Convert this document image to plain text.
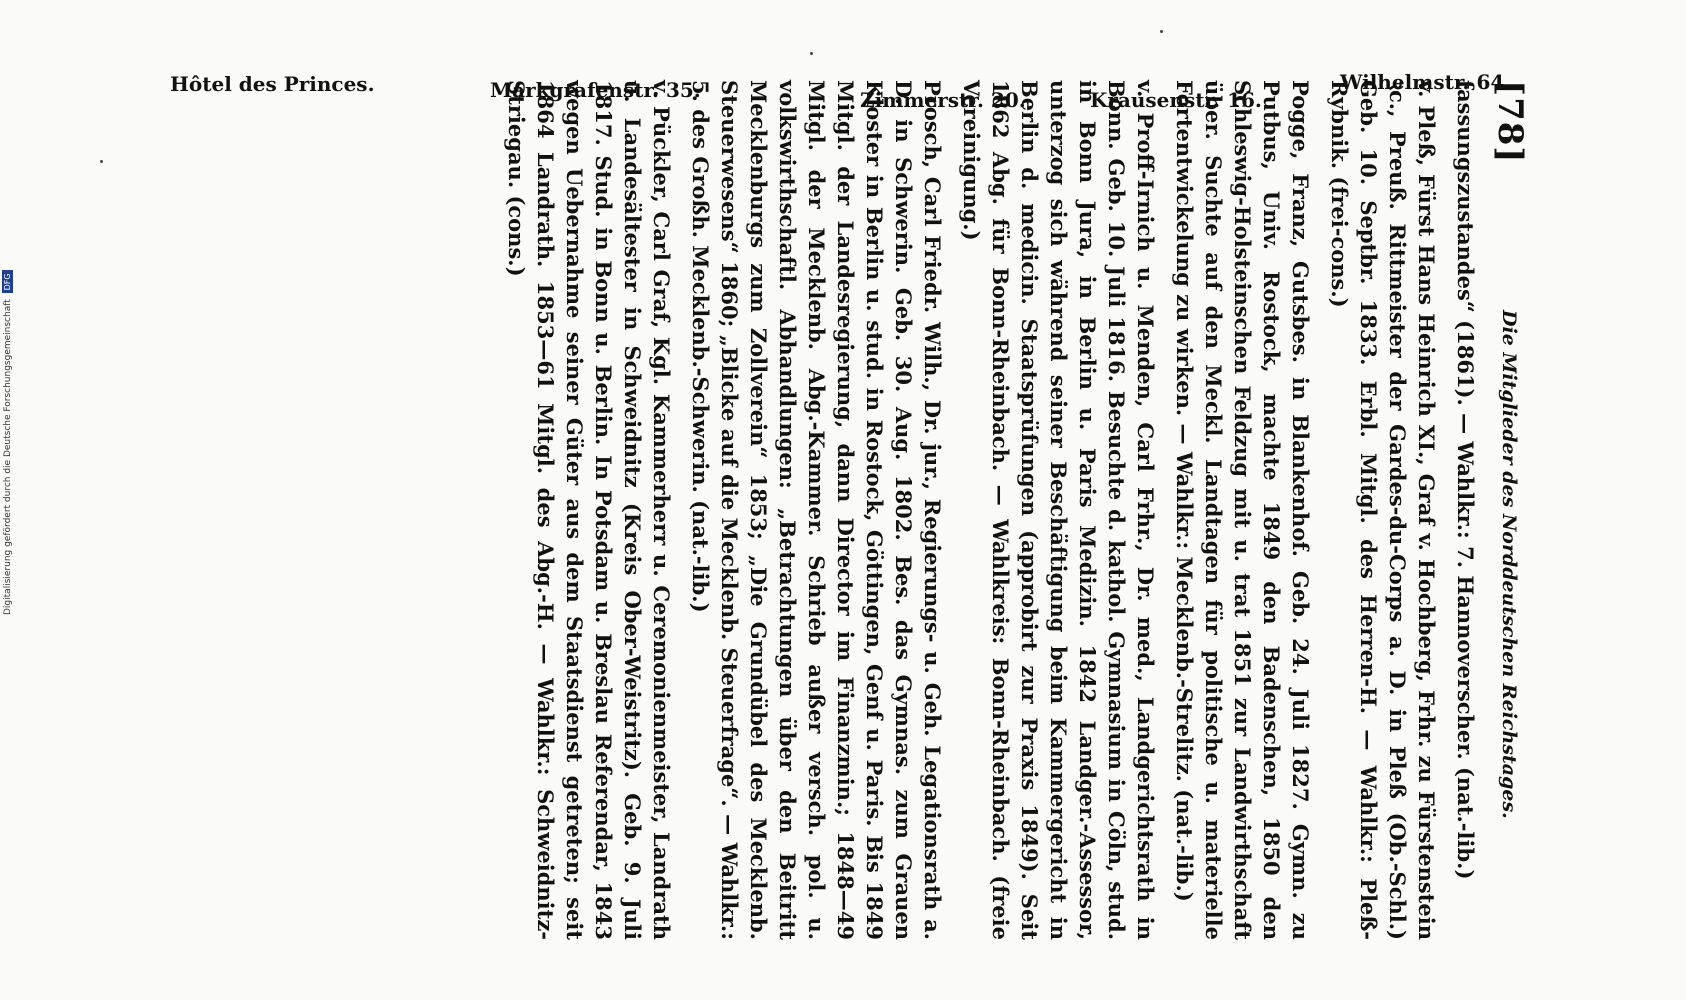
[78]
Die Mitglieder des Norddeutschen Reichstages.

fassungszustandes“ (1861). — Wahlkr.: 7. Hannoverscher. (nat.-lib.)

v. Pleß, Fürst Hans Heinrich XI., Graf v. Hochberg, Frhr. zu Fürstenstein ꝛc., Preuß. Rittmeister der Gardes-du-Corps a. D. in Pleß (Ob.-Schl.) Geb. 10. Septbr. 1833. Erbl. Mitgl. des Herren-H. — Wahlkr.: Pleß-Rybnik. (frei-cons.)

Pogge, Franz, Gutsbes. in Blankenhof. Geb. 24. Juli 1827. Gymn. zu Putbus, Univ. Rostock, machte 1849 den Badenschen, 1850 den Schleswig-Holsteinschen Feldzug mit u. trat 1851 zur Landwirthschaft über. Suchte auf den Meckl. Landtagen für politische u. materielle Fortentwickelung zu wirken. — Wahlkr.: Mecklenb.-Strelitz. (nat.-lib.)

v. Proff-Irnich u. Menden, Carl Frhr., Dr. med., Landgerichtsrath in Bonn. Geb. 10. Juli 1816. Besuchte d. kathol. Gymnasium in Cöln, stud. in Bonn Jura, in Berlin u. Paris Medizin. 1842 Landger.-Assessor, unterzog sich während seiner Beschäftigung beim Kammergericht in Berlin d. medicin. Staatsprüfungen (approbirt zur Praxis 1849). Seit 1862 Abg. für Bonn-Rheinbach. — Wahlkreis: Bonn-Rheinbach. (freie Vereinigung.)

Prosch, Carl Friedr. Wilh., Dr. jur., Regierungs- u. Geh. Legationsrath a. D. in Schwerin. Geb. 30. Aug. 1802. Bes. das Gymnas. zum Grauen Kloster in Berlin u. stud. in Rostock, Göttingen, Genf u. Paris. Bis 1849 Mitgl. der Landesregierung, dann Director im Finanzmin.; 1848—49 Mitgl. der Mecklenb. Abg.-Kammer. Schrieb außer versch. pol. u. volkswirthschaftl. Abhandlungen: „Betrachtungen über den Beitritt Mecklenburgs zum Zollverein“ 1853; „Die Grundübel des Mecklenb. Steuerwesens“ 1860; „Blicke auf die Mecklenb. Steuerfrage“. — Wahlkr.: 5. des Großh. Mecklenb.-Schwerin. (nat.-lib.)

v. Pückler, Carl Graf, Kgl. Kammerherr u. Ceremonienmeister, Landrath u. Landesältester in Schweidnitz (Kreis Ober-Weistritz). Geb. 9. Juli 1817. Stud. in Bonn u. Berlin. In Potsdam u. Breslau Referendar, 1843 wegen Uebernahme seiner Güter aus dem Staatsdienst getreten; seit 1864 Landrath. 1853—61 Mitgl. des Abg.-H. — Wahlkr.: Schweidnitz-Striegau. (cons.)	Wilhelmstr. 64.
Krausenstr. 16.
Zimmerstr. 20.
Markgrafenstr. 35.
Hôtel des Princes.
Digitalisierung gefördert durch die Deutsche Forschungsgemeinschaft DFG
